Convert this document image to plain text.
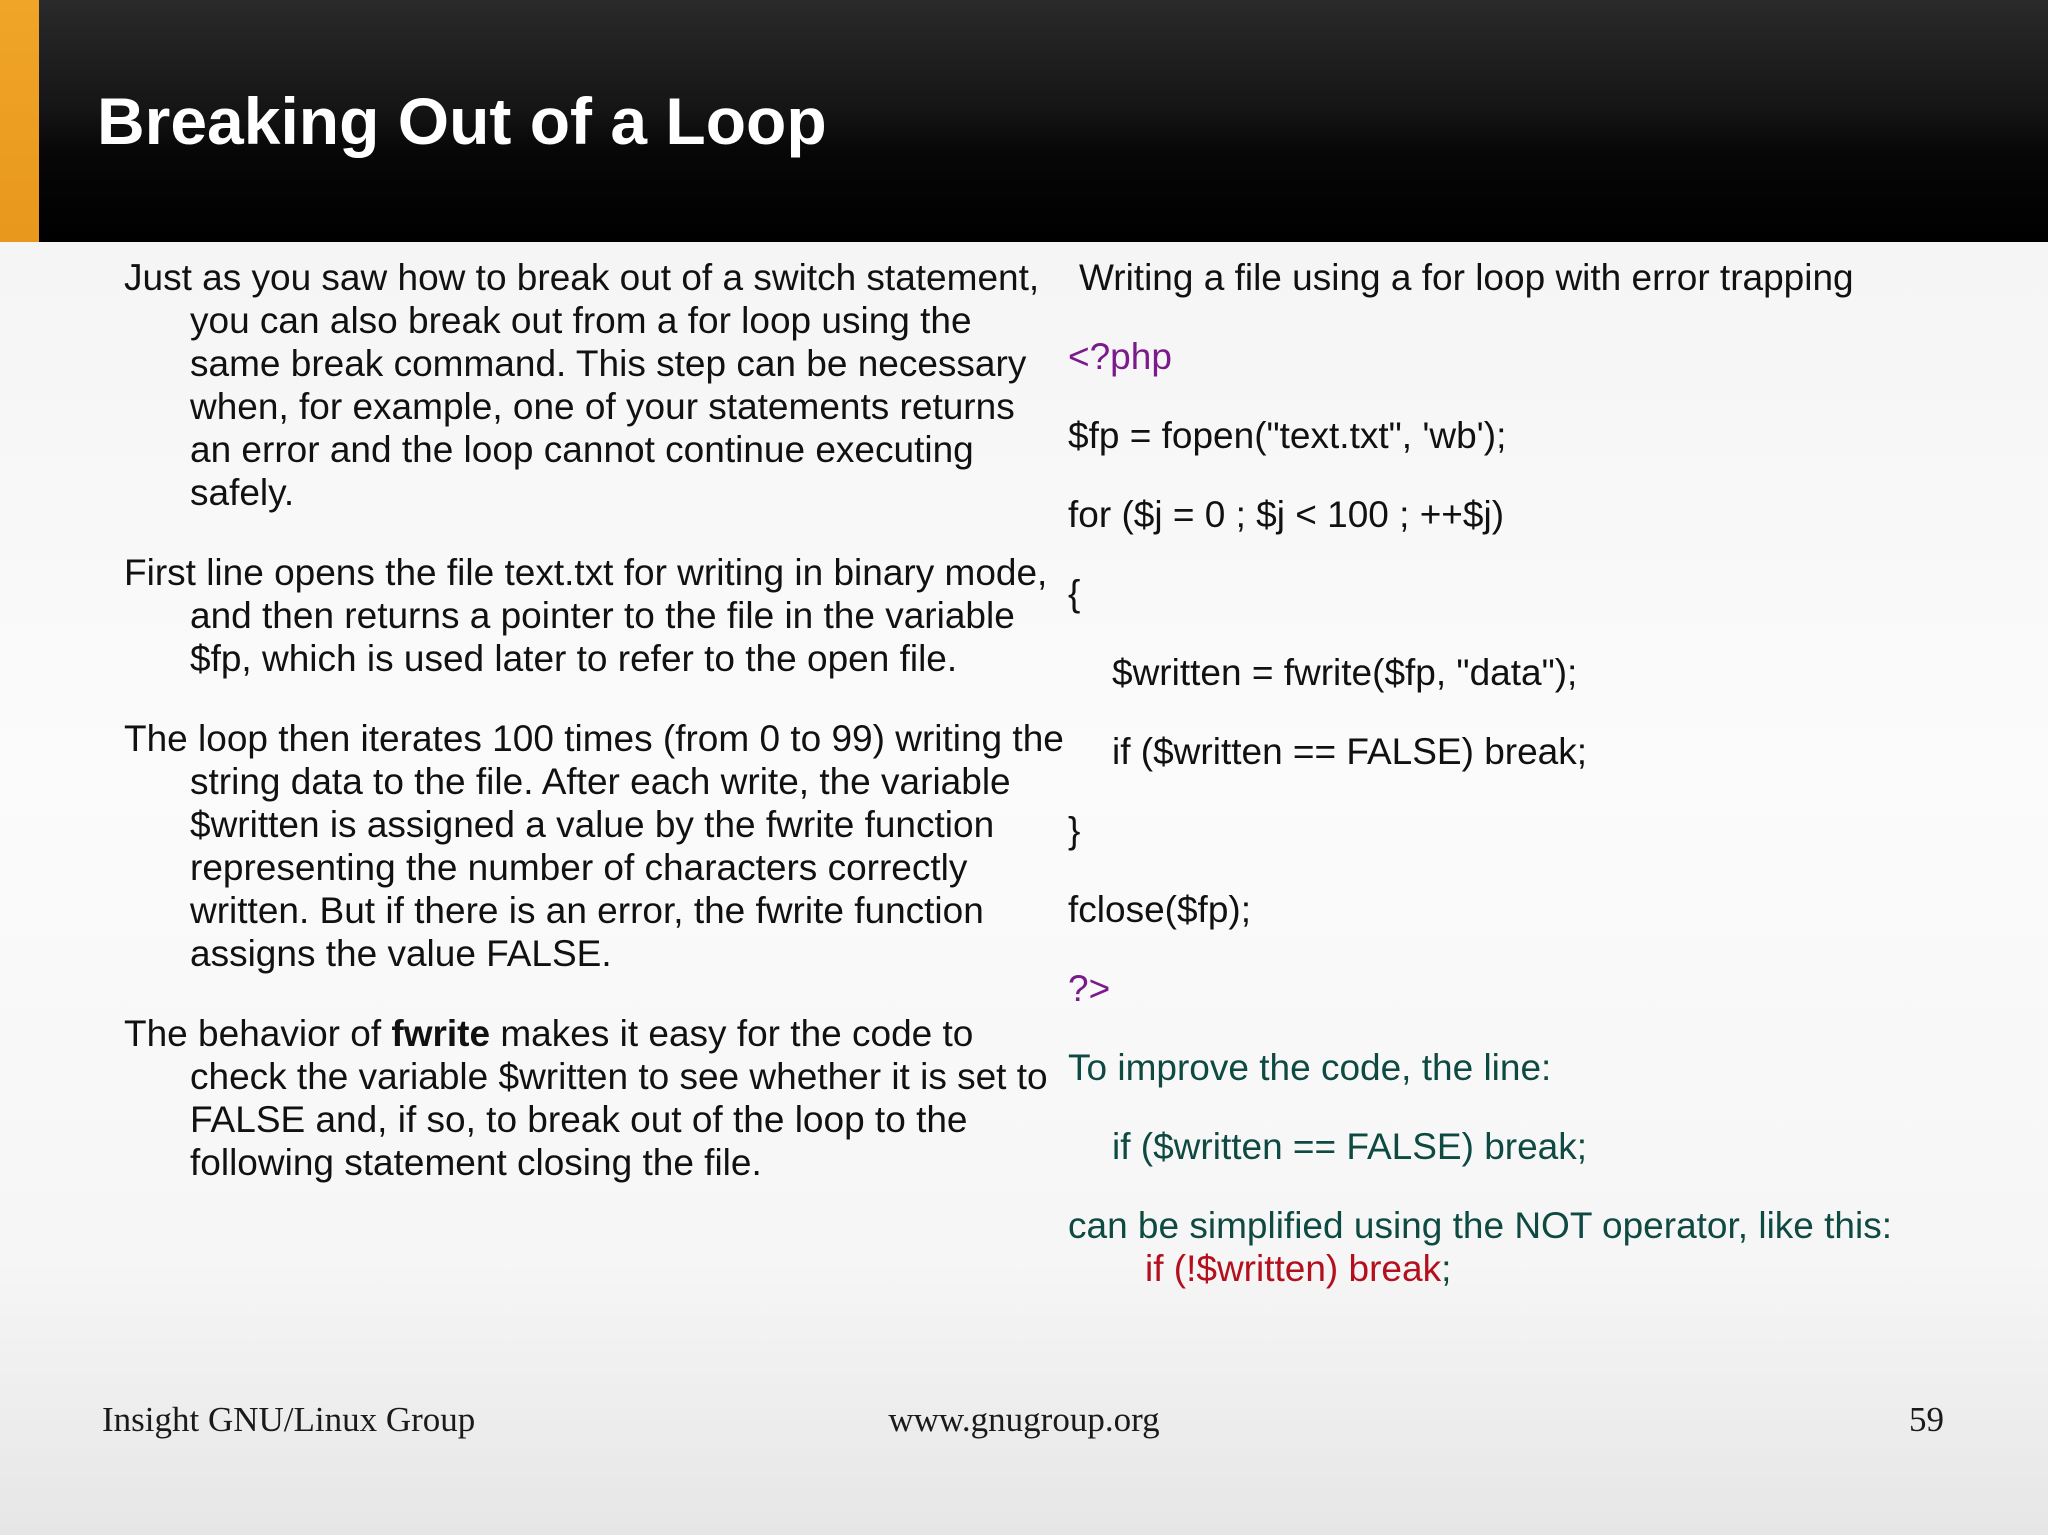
Breaking Out of a Loop

Just as you saw how to break out of a switch statement, you can also break out from a for loop using the same break command. This step can be necessary when, for example, one of your statements returns an error and the loop cannot continue executing safely.

First line opens the file text.txt for writing in binary mode, and then returns a pointer to the file in the variable $fp, which is used later to refer to the open file.

The loop then iterates 100 times (from 0 to 99) writing the string data to the file. After each write, the variable $written is assigned a value by the fwrite function representing the number of characters correctly written. But if there is an error, the fwrite function assigns the value FALSE.

The behavior of fwrite makes it easy for the code to check the variable $written to see whether it is set to FALSE and, if so, to break out of the loop to the following statement closing the file.

Writing a file using a for loop with error trapping

<?php

$fp = fopen("text.txt", 'wb');

for ($j = 0 ; $j < 100 ; ++$j)

{

$written = fwrite($fp, "data");

if ($written == FALSE) break;

}

fclose($fp);

?>

To improve the code, the line:

if ($written == FALSE) break;

can be simplified using the NOT operator, like this:

if (!$written) break;

Insight GNU/Linux Group	www.gnugroup.org	59
